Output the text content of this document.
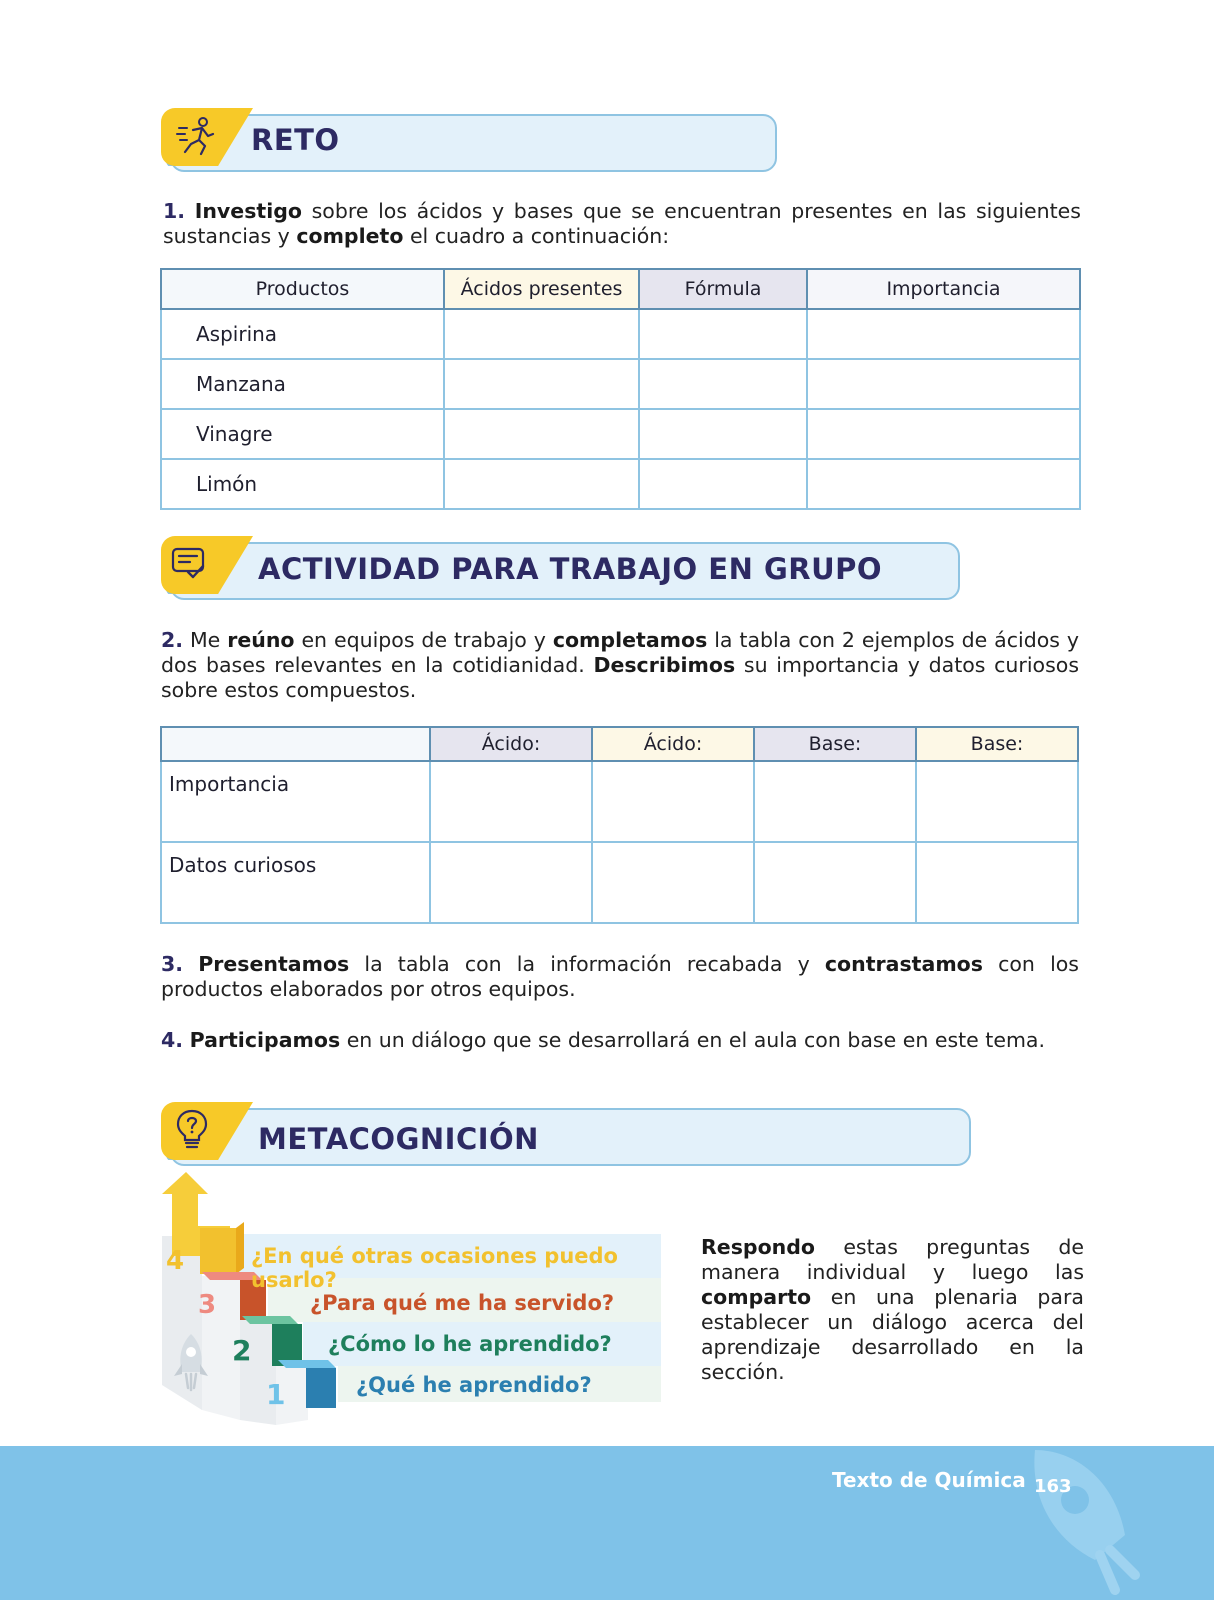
RETO
1. Investigo sobre los ácidos y bases que se encuentran presentes en las siguientes sustancias y completo el cuadro a continuación:
Productos	Ácidos presentes	Fórmula	Importancia
Aspirina			
Manzana			
Vinagre			
Limón			
ACTIVIDAD PARA TRABAJO EN GRUPO
2. Me reúno en equipos de trabajo y completamos la tabla con 2 ejemplos de ácidos y dos bases relevantes en la cotidianidad. Describimos su importancia y datos curiosos sobre estos compuestos.
	Ácido:	Ácido:	Base:	Base:
Importancia				
Datos curiosos				
3. Presentamos la tabla con la información recabada y contrastamos con los productos elaborados por otros equipos.
4. Participamos en un diálogo que se desarrollará en el aula con base en este tema.
METACOGNICIÓN
4
3
2
1
¿En qué otras ocasiones puedo usarlo?
¿Para qué me ha servido?
¿Cómo lo he aprendido?
¿Qué he aprendido?
Respondo estas preguntas de manera individual y luego las comparto en una plenaria para establecer un diálogo acerca del aprendizaje desarrollado en la sección.
Texto de Química 163
